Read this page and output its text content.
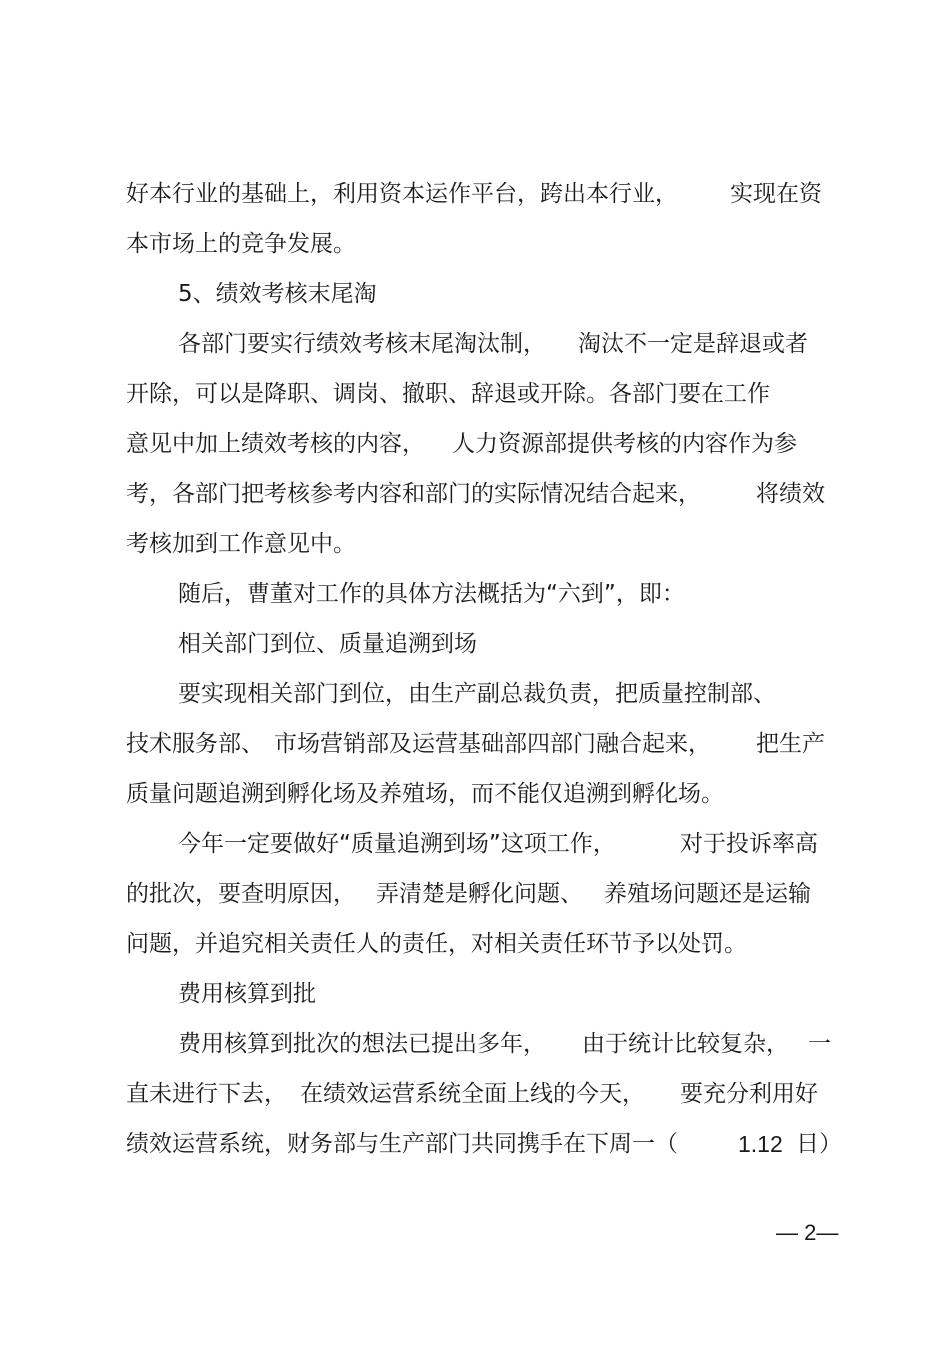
好本行业的基础上，利用资本运作平台，跨出本行业，

实现在资

本市场上的竞争发展。

5、绩效考核末尾淘

各部门要实行绩效考核末尾淘汰制，

淘汰不一定是辞退或者

开除，可以是降职、调岗、撤职、辞退或开除。各部门要在工作

意见中加上绩效考核的内容，

人力资源部提供考核的内容作为参

考，各部门把考核参考内容和部门的实际情况结合起来，

将绩效

考核加到工作意见中。

随后，曹董对工作的具体方法概括为“六到”，即：

相关部门到位、质量追溯到场

要实现相关部门到位，由生产副总裁负责，把质量控制部、

技术服务部、

市场营销部及运营基础部四部门融合起来，

把生产

质量问题追溯到孵化场及养殖场，而不能仅追溯到孵化场。

今年一定要做好“质量追溯到场”这项工作，

	对于投诉率高

的批次，要查明原因，

弄清楚是孵化问题、

养殖场问题还是运输

问题，并追究相关责任人的责任，对相关责任环节予以处罚。

费用核算到批

费用核算到批次的想法已提出多年，

由于统计比较复杂，

一

直未进行下去，

在绩效运营系统全面上线的今天，

要充分利用好

绩效运营系统，财务部与生产部门共同携手在下周一（

	1.12

日）

— 2—
